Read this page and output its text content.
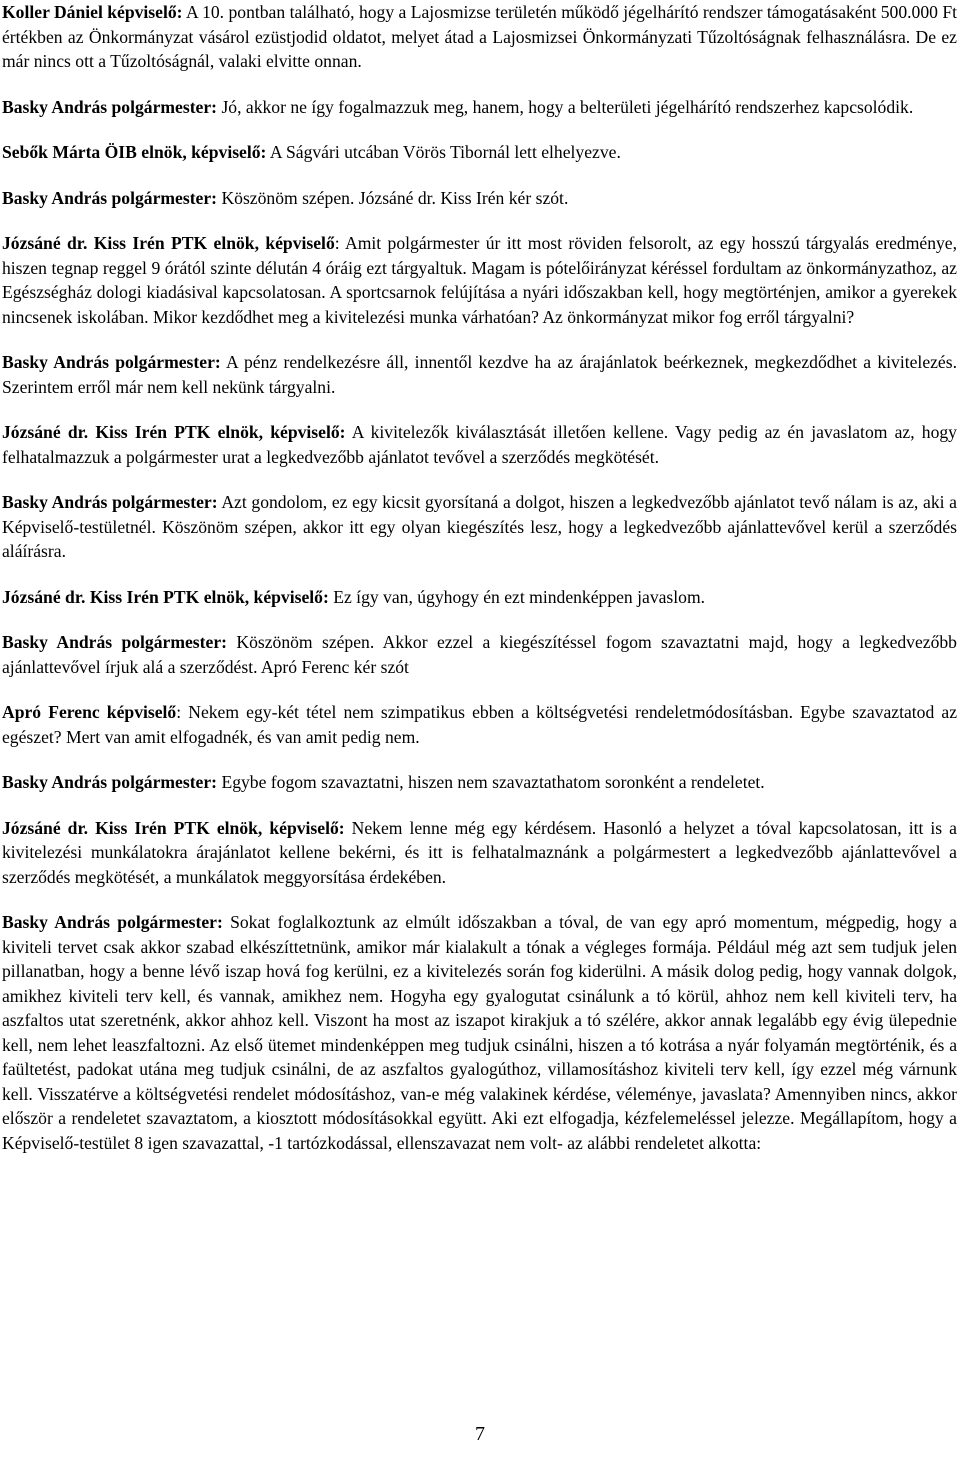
Koller Dániel képviselő: A 10. pontban található, hogy a Lajosmizse területén működő jégelhárító rendszer támogatásaként 500.000 Ft értékben az Önkormányzat vásárol ezüstjodid oldatot, melyet átad a Lajosmizsei Önkormányzati Tűzoltóságnak felhasználásra. De ez már nincs ott a Tűzoltóságnál, valaki elvitte onnan.

Basky András polgármester: Jó, akkor ne így fogalmazzuk meg, hanem, hogy a belterületi jégelhárító rendszerhez kapcsolódik.

Sebők Márta ÖIB elnök, képviselő: A Ságvári utcában Vörös Tibornál lett elhelyezve.

Basky András polgármester: Köszönöm szépen. Józsáné dr. Kiss Irén kér szót.

Józsáné dr. Kiss Irén PTK elnök, képviselő: Amit polgármester úr itt most röviden felsorolt, az egy hosszú tárgyalás eredménye, hiszen tegnap reggel 9 órától szinte délután 4 óráig ezt tárgyaltuk. Magam is pótelőirányzat kéréssel fordultam az önkormányzathoz, az Egészségház dologi kiadásival kapcsolatosan. A sportcsarnok felújítása a nyári időszakban kell, hogy megtörténjen, amikor a gyerekek nincsenek iskolában. Mikor kezdődhet meg a kivitelezési munka várhatóan? Az önkormányzat mikor fog erről tárgyalni?

Basky András polgármester: A pénz rendelkezésre áll, innentől kezdve ha az árajánlatok beérkeznek, megkezdődhet a kivitelezés. Szerintem erről már nem kell nekünk tárgyalni.

Józsáné dr. Kiss Irén PTK elnök, képviselő: A kivitelezők kiválasztását illetően kellene. Vagy pedig az én javaslatom az, hogy felhatalmazzuk a polgármester urat a legkedvezőbb ajánlatot tevővel a szerződés megkötését.

Basky András polgármester: Azt gondolom, ez egy kicsit gyorsítaná a dolgot, hiszen a legkedvezőbb ajánlatot tevő nálam is az, aki a Képviselő-testületnél. Köszönöm szépen, akkor itt egy olyan kiegészítés lesz, hogy a legkedvezőbb ajánlattevővel kerül a szerződés aláírásra.

Józsáné dr. Kiss Irén PTK elnök, képviselő: Ez így van, úgyhogy én ezt mindenképpen javaslom.

Basky András polgármester: Köszönöm szépen. Akkor ezzel a kiegészítéssel fogom szavaztatni majd, hogy a legkedvezőbb ajánlattevővel írjuk alá a szerződést. Apró Ferenc kér szót

Apró Ferenc képviselő: Nekem egy-két tétel nem szimpatikus ebben a költségvetési rendeletmódosításban. Egybe szavaztatod az egészet? Mert van amit elfogadnék, és van amit pedig nem.

Basky András polgármester: Egybe fogom szavaztatni, hiszen nem szavaztathatom soronként a rendeletet.

Józsáné dr. Kiss Irén PTK elnök, képviselő: Nekem lenne még egy kérdésem. Hasonló a helyzet a tóval kapcsolatosan, itt is a kivitelezési munkálatokra árajánlatot kellene bekérni, és itt is felhatalmaznánk a polgármestert a legkedvezőbb ajánlattevővel a szerződés megkötését, a munkálatok meggyorsítása érdekében.

Basky András polgármester: Sokat foglalkoztunk az elmúlt időszakban a tóval, de van egy apró momentum, mégpedig, hogy a kiviteli tervet csak akkor szabad elkészíttetnünk, amikor már kialakult a tónak a végleges formája. Például még azt sem tudjuk jelen pillanatban, hogy a benne lévő iszap hová fog kerülni, ez a kivitelezés során fog kiderülni. A másik dolog pedig, hogy vannak dolgok, amikhez kiviteli terv kell, és vannak, amikhez nem. Hogyha egy gyalogutat csinálunk a tó körül, ahhoz nem kell kiviteli terv, ha aszfaltos utat szeretnénk, akkor ahhoz kell. Viszont ha most az iszapot kirakjuk a tó szélére, akkor annak legalább egy évig ülepednie kell, nem lehet leaszfaltozni. Az első ütemet mindenképpen meg tudjuk csinálni, hiszen a tó kotrása a nyár folyamán megtörténik, és a faültetést, padokat utána meg tudjuk csinálni, de az aszfaltos gyalogúthoz, villamosításhoz kiviteli terv kell, így ezzel még várnunk kell. Visszatérve a költségvetési rendelet módosításhoz, van-e még valakinek kérdése, véleménye, javaslata? Amennyiben nincs, akkor először a rendeletet szavaztatom, a kiosztott módosításokkal együtt. Aki ezt elfogadja, kézfelemeléssel jelezze. Megállapítom, hogy a Képviselő-testület 8 igen szavazattal, -1 tartózkodással, ellenszavazat nem volt- az alábbi rendeletet alkotta:

7
